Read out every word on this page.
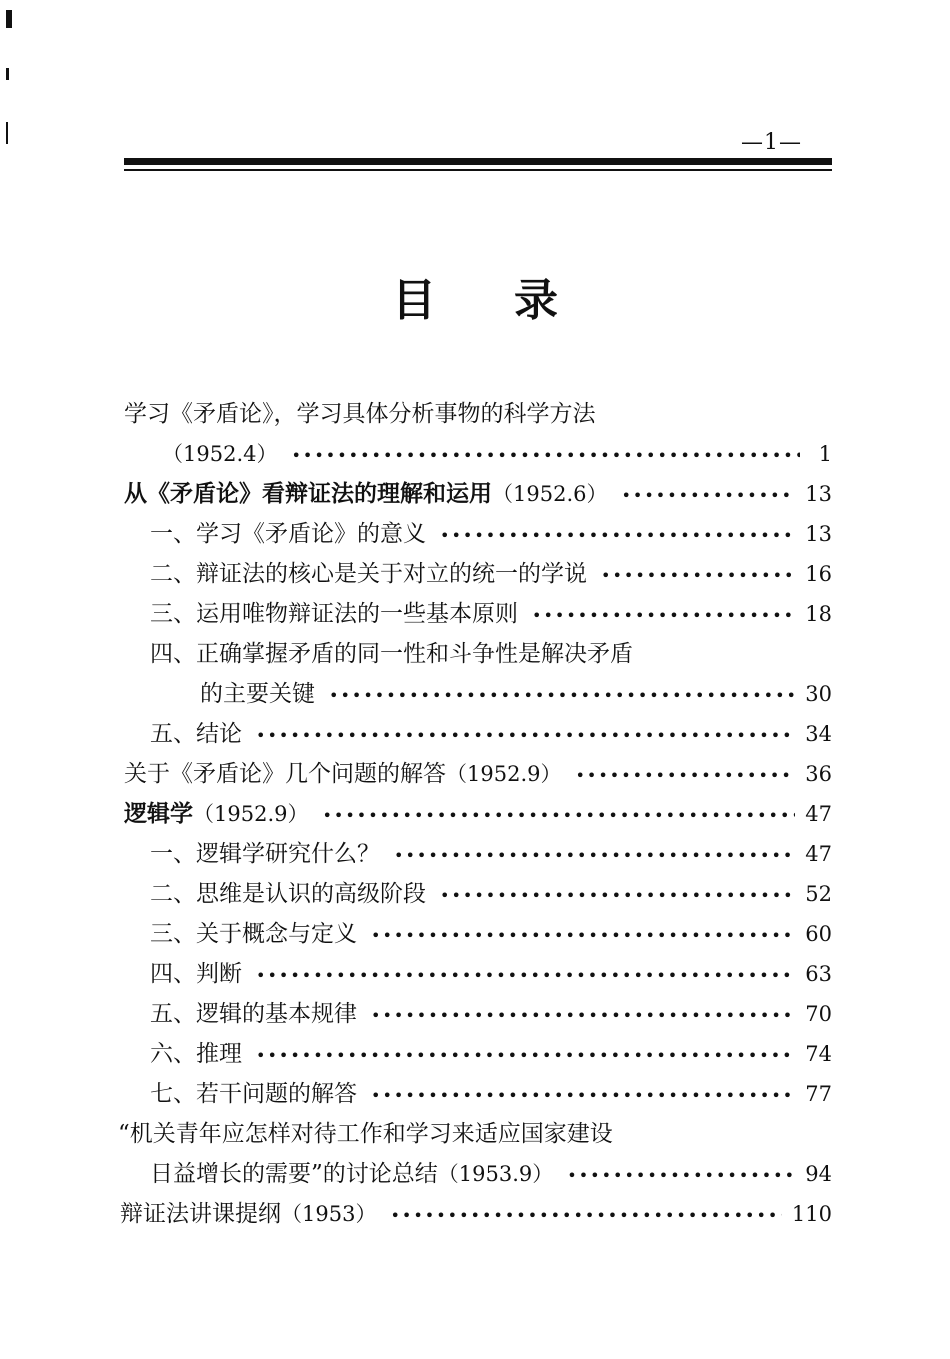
—1—
目录
学习《矛盾论》，学习具体分析事物的科学方法
（1952.4） •••••	1
从《矛盾论》看辩证法的理解和运用 （1952.6） •••••	13
一、学习《矛盾论》的意义 •••••	13
二、辩证法的核心是关于对立的统一的学说 •••••	16
三、运用唯物辩证法的一些基本原则 •••••	18
四、正确掌握矛盾的同一性和斗争性是解决矛盾
的主要关键 •••••	30
五、结论 •••••	34
关于《矛盾论》几个问题的解答 （1952.9） •••••	36
逻辑学 （1952.9） •••••	47
一、逻辑学研究什么？ •••••	47
二、思维是认识的高级阶段 •••••	52
三、关于概念与定义 •••••	60
四、判断 •••••	63
五、逻辑的基本规律 •••••	70
六、推理 •••••	74
七、若干问题的解答 •••••	77
“机关青年应怎样对待工作和学习来适应国家建设
日益增长的需要”的讨论总结 （1953.9） •••••	94
辩证法讲课提纲 （1953） •••••	110
